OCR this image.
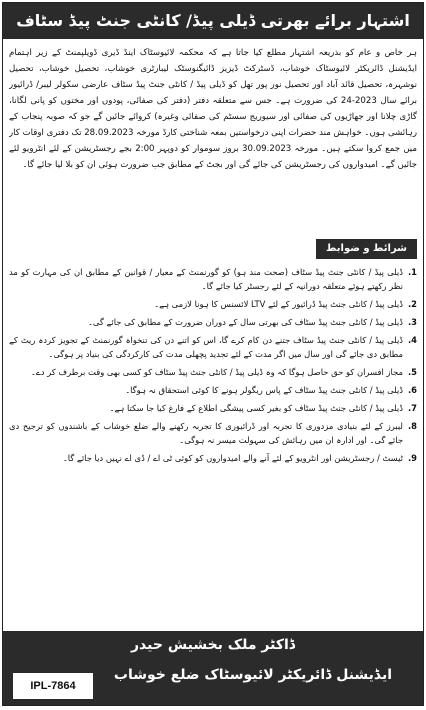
اشتہار برائے بھرتی ڈیلی پیڈ/ کانٹی جنٹ پیڈ سٹاف
ہر خاص و عام کو بذریعہ اشتہار مطلع کیا جاتا ہے کہ محکمہ لائیوسٹاک اینڈ ڈیری ڈویلپمنٹ کے زیر اہتمام ایڈیشنل ڈائریکٹر لائیوسٹاک خوشاب، ڈسٹرکٹ ڈیزیز ڈائیگنوسٹک لیبارٹری خوشاب، تحصیل خوشاب، تحصیل نوشہرہ، تحصیل قائد آباد اور تحصیل نور پور تھل کو ڈیلی پیڈ / کانٹی جنٹ پیڈ سٹاف عارضی سکولر لیبر/ ڈرائیور برائے سال 2023-24 کی ضرورت ہے۔ جس سے متعلقہ دفتر (دفتر کی صفائی، پودوں اور مختوں کو پانی لگانا، گاڑی چلانا اور جھاڑیوں کی صفائی اور سیوریج سسٹم کی صفائی وغیرہ) کروائے جائیں گے جو کہ صوبہ پنجاب کے رہائشی ہوں۔ خواہش مند حضرات اپنی درخواستیں بمعہ شناختی کارڈ مورخہ 28.09.2023 تک دفتری اوقات کار میں جمع کروا سکتے ہیں۔ مورخہ 30.09.2023 بروز سوموار کو دوپہر 2:00 بجے رجسٹریشن کے لئے انٹرویو لئے جائیں گے۔ امیدواروں کی رجسٹریشن کی جائے گی اور بجٹ کے مطابق جب ضرورت ہوئی ان کو بلا لیا جائے گا۔
شرائط و ضوابط
1.
ڈیلی پیڈ / کانٹی جنٹ پیڈ سٹاف (صحت مند ہو) کو گورنمنٹ کے معیار / قوانین کے مطابق ان کی مہارت کو مد نظر رکھتے ہوئے متعلقہ دورانیہ کے لئے رجسٹر کیا جائے گا۔
2.
ڈیلی پیڈ / کانٹی جنٹ پیڈ ڈرائیور کے لئے LTV لائسنس کا ہونا لازمی ہے۔
3.
ڈیلی پیڈ / کانٹی جنٹ پیڈ سٹاف کی بھرتی سال کے دوران ضرورت کے مطابق کی جائے گی۔
4.
ڈیلی پیڈ / کانٹی جنٹ پیڈ سٹاف جتنے دن کام کرے گا، اس کو اتنے دن کی تنخواہ گورنمنٹ کے تجویز کردہ ریٹ کے مطابق دی جائے گی اور سال میں اگر مدت کے لئے تجدید پچھلی مدت کی کارکردگی کی بنیاد پر ہوگی۔
5.
مجاز افسران کو حق حاصل ہوگا کہ وہ ڈیلی پیڈ / کانٹی جنٹ پیڈ سٹاف کو کسی بھی وقت برطرف کر دے۔
6.
ڈیلی پیڈ / کانٹی جنٹ پیڈ سٹاف کے پاس ریگولر ہونے کا کوئی استحقاق نہ ہوگا۔
7.
ڈیلی پیڈ / کانٹی جنٹ پیڈ سٹاف کو بغیر کسی پیشگی اطلاع کے فارغ کیا جا سکتا ہے۔
8.
لیبرز کے لئے بنیادی مزدوری کا تجربہ اور ڈرائیوری کا تجربہ رکھنے والے ضلع خوشاب کے باشندوں کو ترجیح دی جائے گی۔ اور ادارہ ان میں رہائش کی سہولت میسر نہ ہوگی۔
9.
ٹیسٹ / رجسٹریشن اور انٹرویو کے لئے آنے والے امیدواروں کو کوئی ٹی اے / ڈی اے نہیں دیا جائے گا۔
ڈاکٹر ملک بخشیش حیدر
ایڈیشنل ڈائریکٹر لائیوسٹاک ضلع خوشاب
IPL-7864
